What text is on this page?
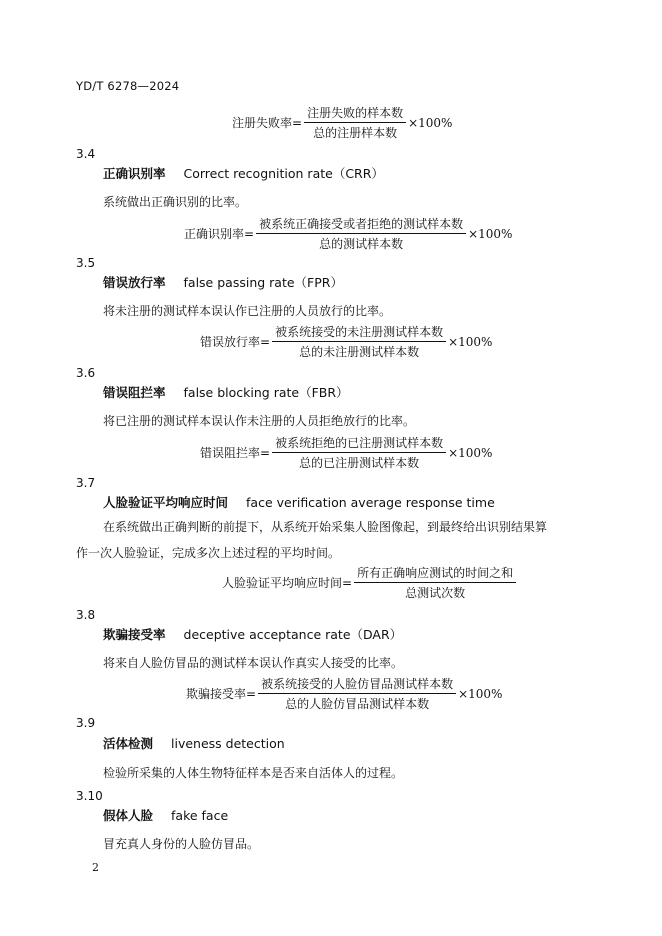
YD/T 6278—2024
注册失败率 = $\frac{\text{注册失败的样本数}}{\text{总的注册样本数}} \times 100\%$
3.4
正确识别率 Correct recognition rate（CRR）
系统做出正确识别的比率。
正确识别率 = $\frac{\text{被系统正确接受或者拒绝的测试样本数}}{\text{总的测试样本数}} \times 100\%$
3.5
错误放行率 false passing rate（FPR）
将未注册的测试样本误认作已注册的人员放行的比率。
错误放行率 = $\frac{\text{被系统接受的未注册测试样本数}}{\text{总的未注册测试样本数}} \times 100\%$
3.6
错误阻拦率 false blocking rate（FBR）
将已注册的测试样本误认作未注册的人员拒绝放行的比率。
错误阻拦率 = $\frac{\text{被系统拒绝的已注册测试样本数}}{\text{总的已注册测试样本数}} \times 100\%$
3.7
人脸验证平均响应时间 face verification average response time
在系统做出正确判断的前提下，从系统开始采集人脸图像起，到最终给出识别结果算作一次人脸验证，完成多次上述过程的平均时间。
人脸验证平均响应时间 = $\frac{\text{所有正确响应测试的时间之和}}{\text{总测试次数}}$
3.8
欺骗接受率 deceptive acceptance rate（DAR）
将来自人脸仿冒品的测试样本误认作真实人接受的比率。
欺骗接受率 = $\frac{\text{被系统接受的人脸仿冒品测试样本数}}{\text{总的人脸仿冒品测试样本数}} \times 100\%$
3.9
活体检测 liveness detection
检验所采集的人体生物特征样本是否来自活体人的过程。
3.10
假体人脸 fake face
冒充真人身份的人脸仿冒品。
2
